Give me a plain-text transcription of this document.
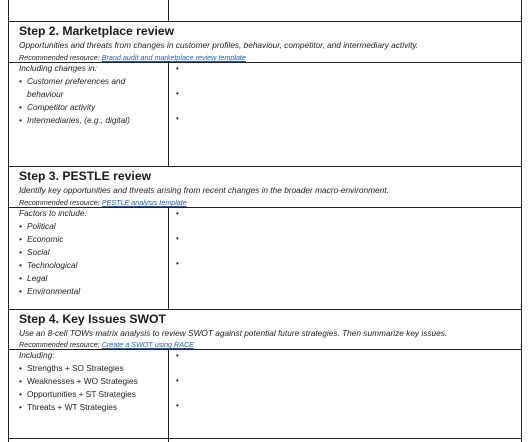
Step 2. Marketplace review
Opportunities and threats from changes in customer profiles, behaviour, competitor, and intermediary activity.
Recommended resource: Brand audit and marketplace review template
Including changes in:
• Customer preferences and
behaviour
• Competitor activity
• Intermediaries, (e.g., digital)
•
•
•
Step 3. PESTLE review
Identify key opportunities and threats arising from recent changes in the broader macro-environment.
Recommended resource: PESTLE analysis template
Factors to include:
• Political
• Economic
• Social
• Technological
• Legal
• Environmental
•
•
•
Step 4. Key Issues SWOT
Use an 8-cell TOWs matrix analysis to review SWOT against potential future strategies. Then summarize key issues.
Recommended resource: Create a SWOT using RACE
Including:
• Strengths + SO Strategies
• Weaknesses + WO Strategies
• Opportunities + ST Strategies
• Threats + WT Strategies
•
•
•
